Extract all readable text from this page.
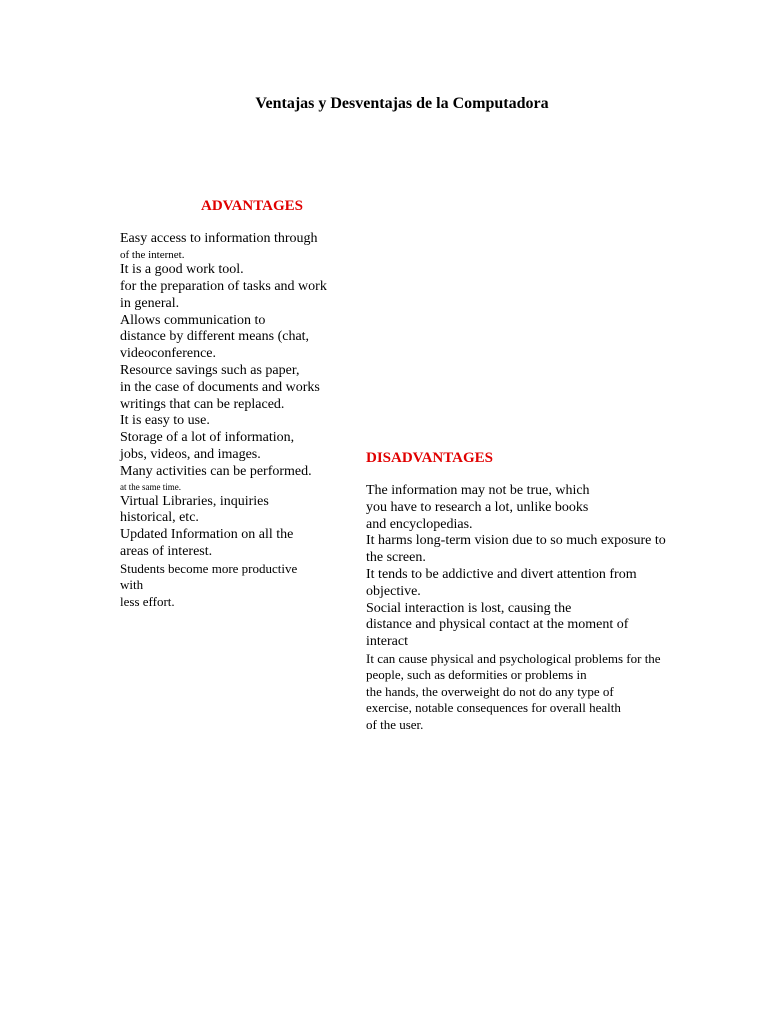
Ventajas y Desventajas de la Computadora
ADVANTAGES
Easy access to information through
of the internet.
It is a good work tool.
for the preparation of tasks and work
in general.
Allows communication to
distance by different means (chat,
videoconference.
Resource savings such as paper,
in the case of documents and works
writings that can be replaced.
It is easy to use.
Storage of a lot of information,
jobs, videos, and images.
Many activities can be performed.
at the same time.
Virtual Libraries, inquiries
historical, etc.
Updated Information on all the
areas of interest.
Students become more productive
with
less effort.
DISADVANTAGES
The information may not be true, which
you have to research a lot, unlike books
and encyclopedias.
It harms long-term vision due to so much exposure to
the screen.
It tends to be addictive and divert attention from
objective.
Social interaction is lost, causing the
distance and physical contact at the moment of
interact
It can cause physical and psychological problems for the
people, such as deformities or problems in
the hands, the overweight do not do any type of
exercise, notable consequences for overall health
of the user.
